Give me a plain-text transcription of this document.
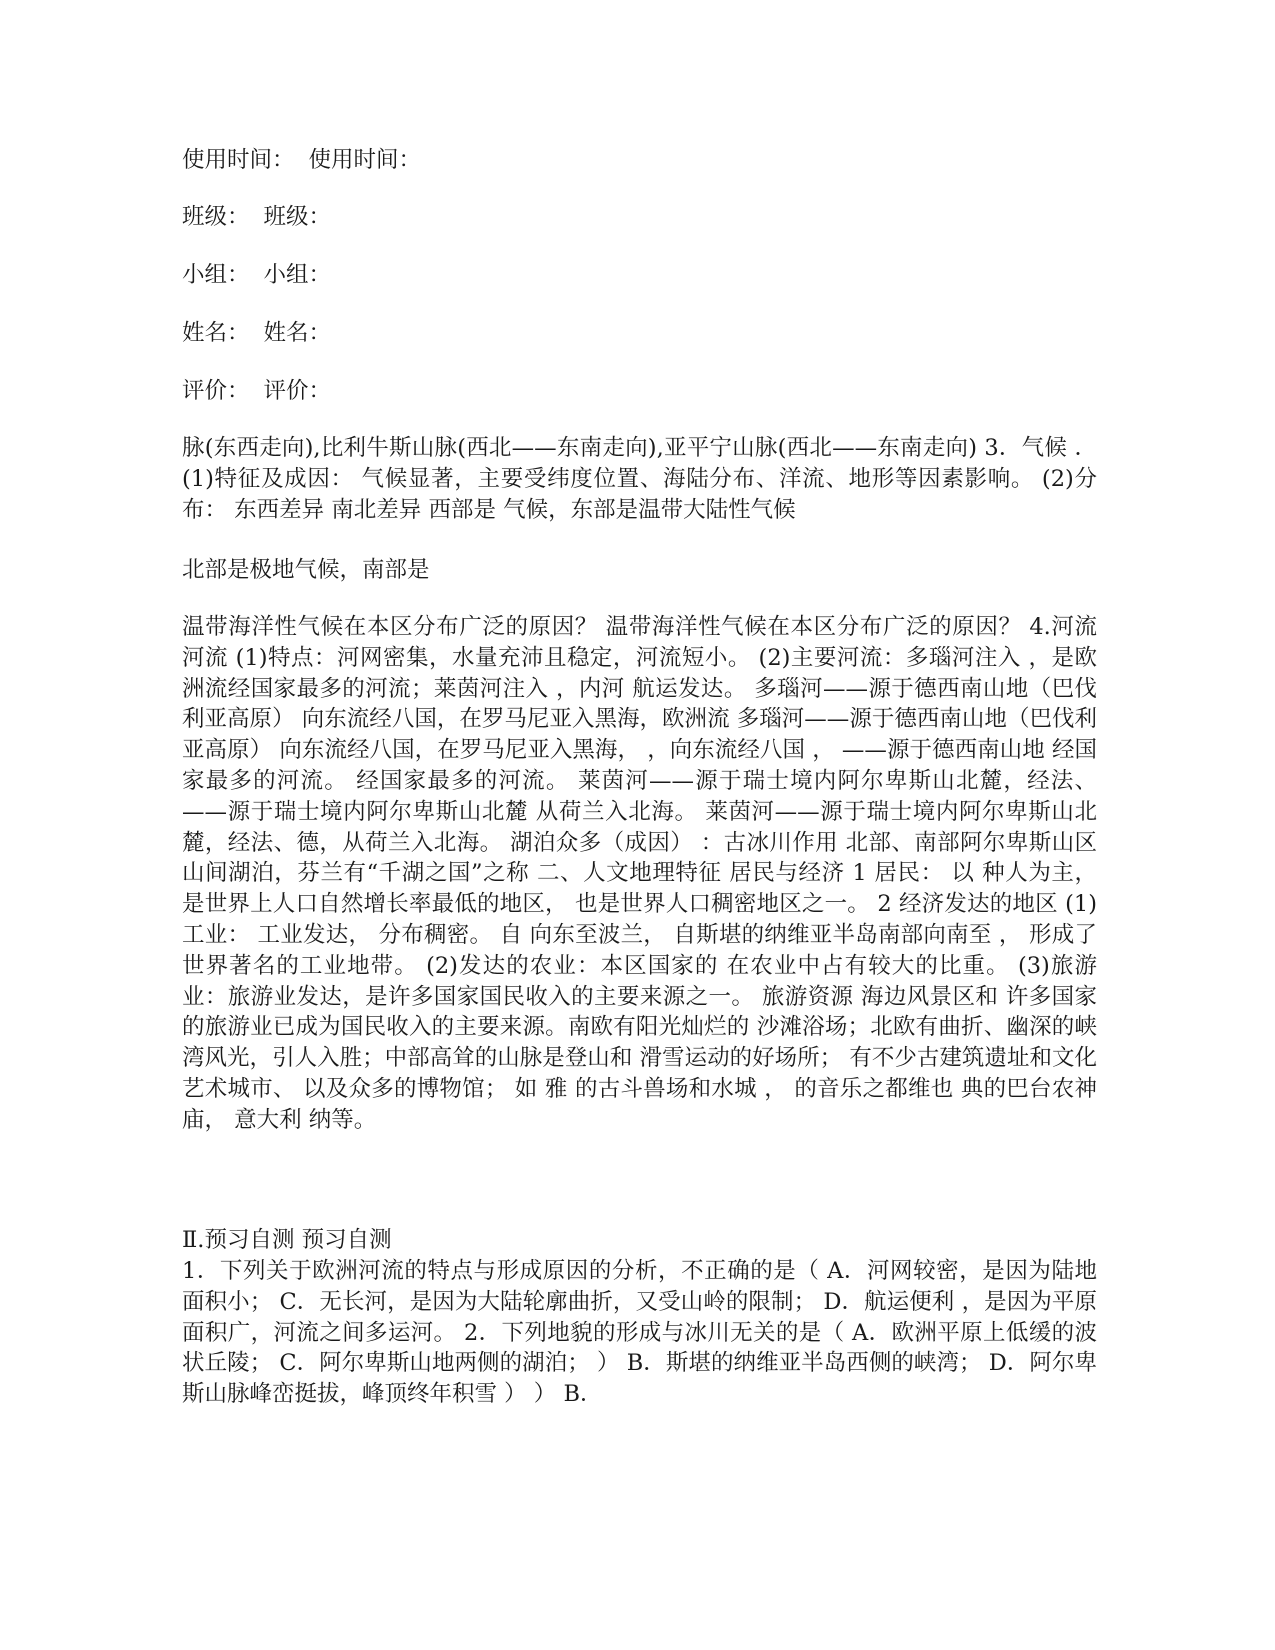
使用时间： 使用时间：
班级： 班级：
小组： 小组：
姓名： 姓名：
评价： 评价：
脉(东西走向),比利牛斯山脉(西北——东南走向),亚平宁山脉(西北——东南走向) 3．气候 ． (1)特征及成因： 气候显著，主要受纬度位置、海陆分布、洋流、地形等因素影响。 (2)分布： 东西差异 南北差异 西部是 气候，东部是温带大陆性气候
北部是极地气候，南部是
温带海洋性气候在本区分布广泛的原因？ 温带海洋性气候在本区分布广泛的原因？ 4.河流 河流 (1)特点：河网密集，水量充沛且稳定，河流短小。 (2)主要河流：多瑙河注入 ，是欧洲流经国家最多的河流；莱茵河注入 ，内河 航运发达。 多瑙河——源于德西南山地（巴伐利亚高原） 向东流经八国，在罗马尼亚入黑海，欧洲流 多瑙河——源于德西南山地（巴伐利亚高原） 向东流经八国，在罗马尼亚入黑海， ，向东流经八国 ， ——源于德西南山地 经国家最多的河流。 经国家最多的河流。 莱茵河——源于瑞士境内阿尔卑斯山北麓，经法、 ——源于瑞士境内阿尔卑斯山北麓 从荷兰入北海。 莱茵河——源于瑞士境内阿尔卑斯山北麓，经法、德，从荷兰入北海。 湖泊众多（成因） ：古冰川作用 北部、南部阿尔卑斯山区山间湖泊，芬兰有“千湖之国”之称 二、人文地理特征 居民与经济 1 居民： 以 种人为主， 是世界上人口自然增长率最低的地区， 也是世界人口稠密地区之一。 2 经济发达的地区 (1)工业： 工业发达， 分布稠密。 自 向东至波兰， 自斯堪的纳维亚半岛南部向南至 ， 形成了世界著名的工业地带。 (2)发达的农业：本区国家的 在农业中占有较大的比重。 (3)旅游业：旅游业发达，是许多国家国民收入的主要来源之一。 旅游资源 海边风景区和 许多国家的旅游业已成为国民收入的主要来源。南欧有阳光灿烂的 沙滩浴场；北欧有曲折、幽深的峡湾风光，引人入胜；中部高耸的山脉是登山和 滑雪运动的好场所； 有不少古建筑遗址和文化艺术城市、 以及众多的博物馆； 如 雅 的古斗兽场和水城 ， 的音乐之都维也 典的巴台农神庙， 意大利 纳等。
Ⅱ.预习自测 预习自测
1．下列关于欧洲河流的特点与形成原因的分析，不正确的是（ A．河网较密，是因为陆地面积小； C．无长河，是因为大陆轮廓曲折，又受山岭的限制； D．航运便利 ，是因为平原面积广，河流之间多运河。 2．下列地貌的形成与冰川无关的是（ A．欧洲平原上低缓的波状丘陵； C．阿尔卑斯山地两侧的湖泊； ） B．斯堪的纳维亚半岛西侧的峡湾； D．阿尔卑斯山脉峰峦挺拔，峰顶终年积雪 ） ） B．
